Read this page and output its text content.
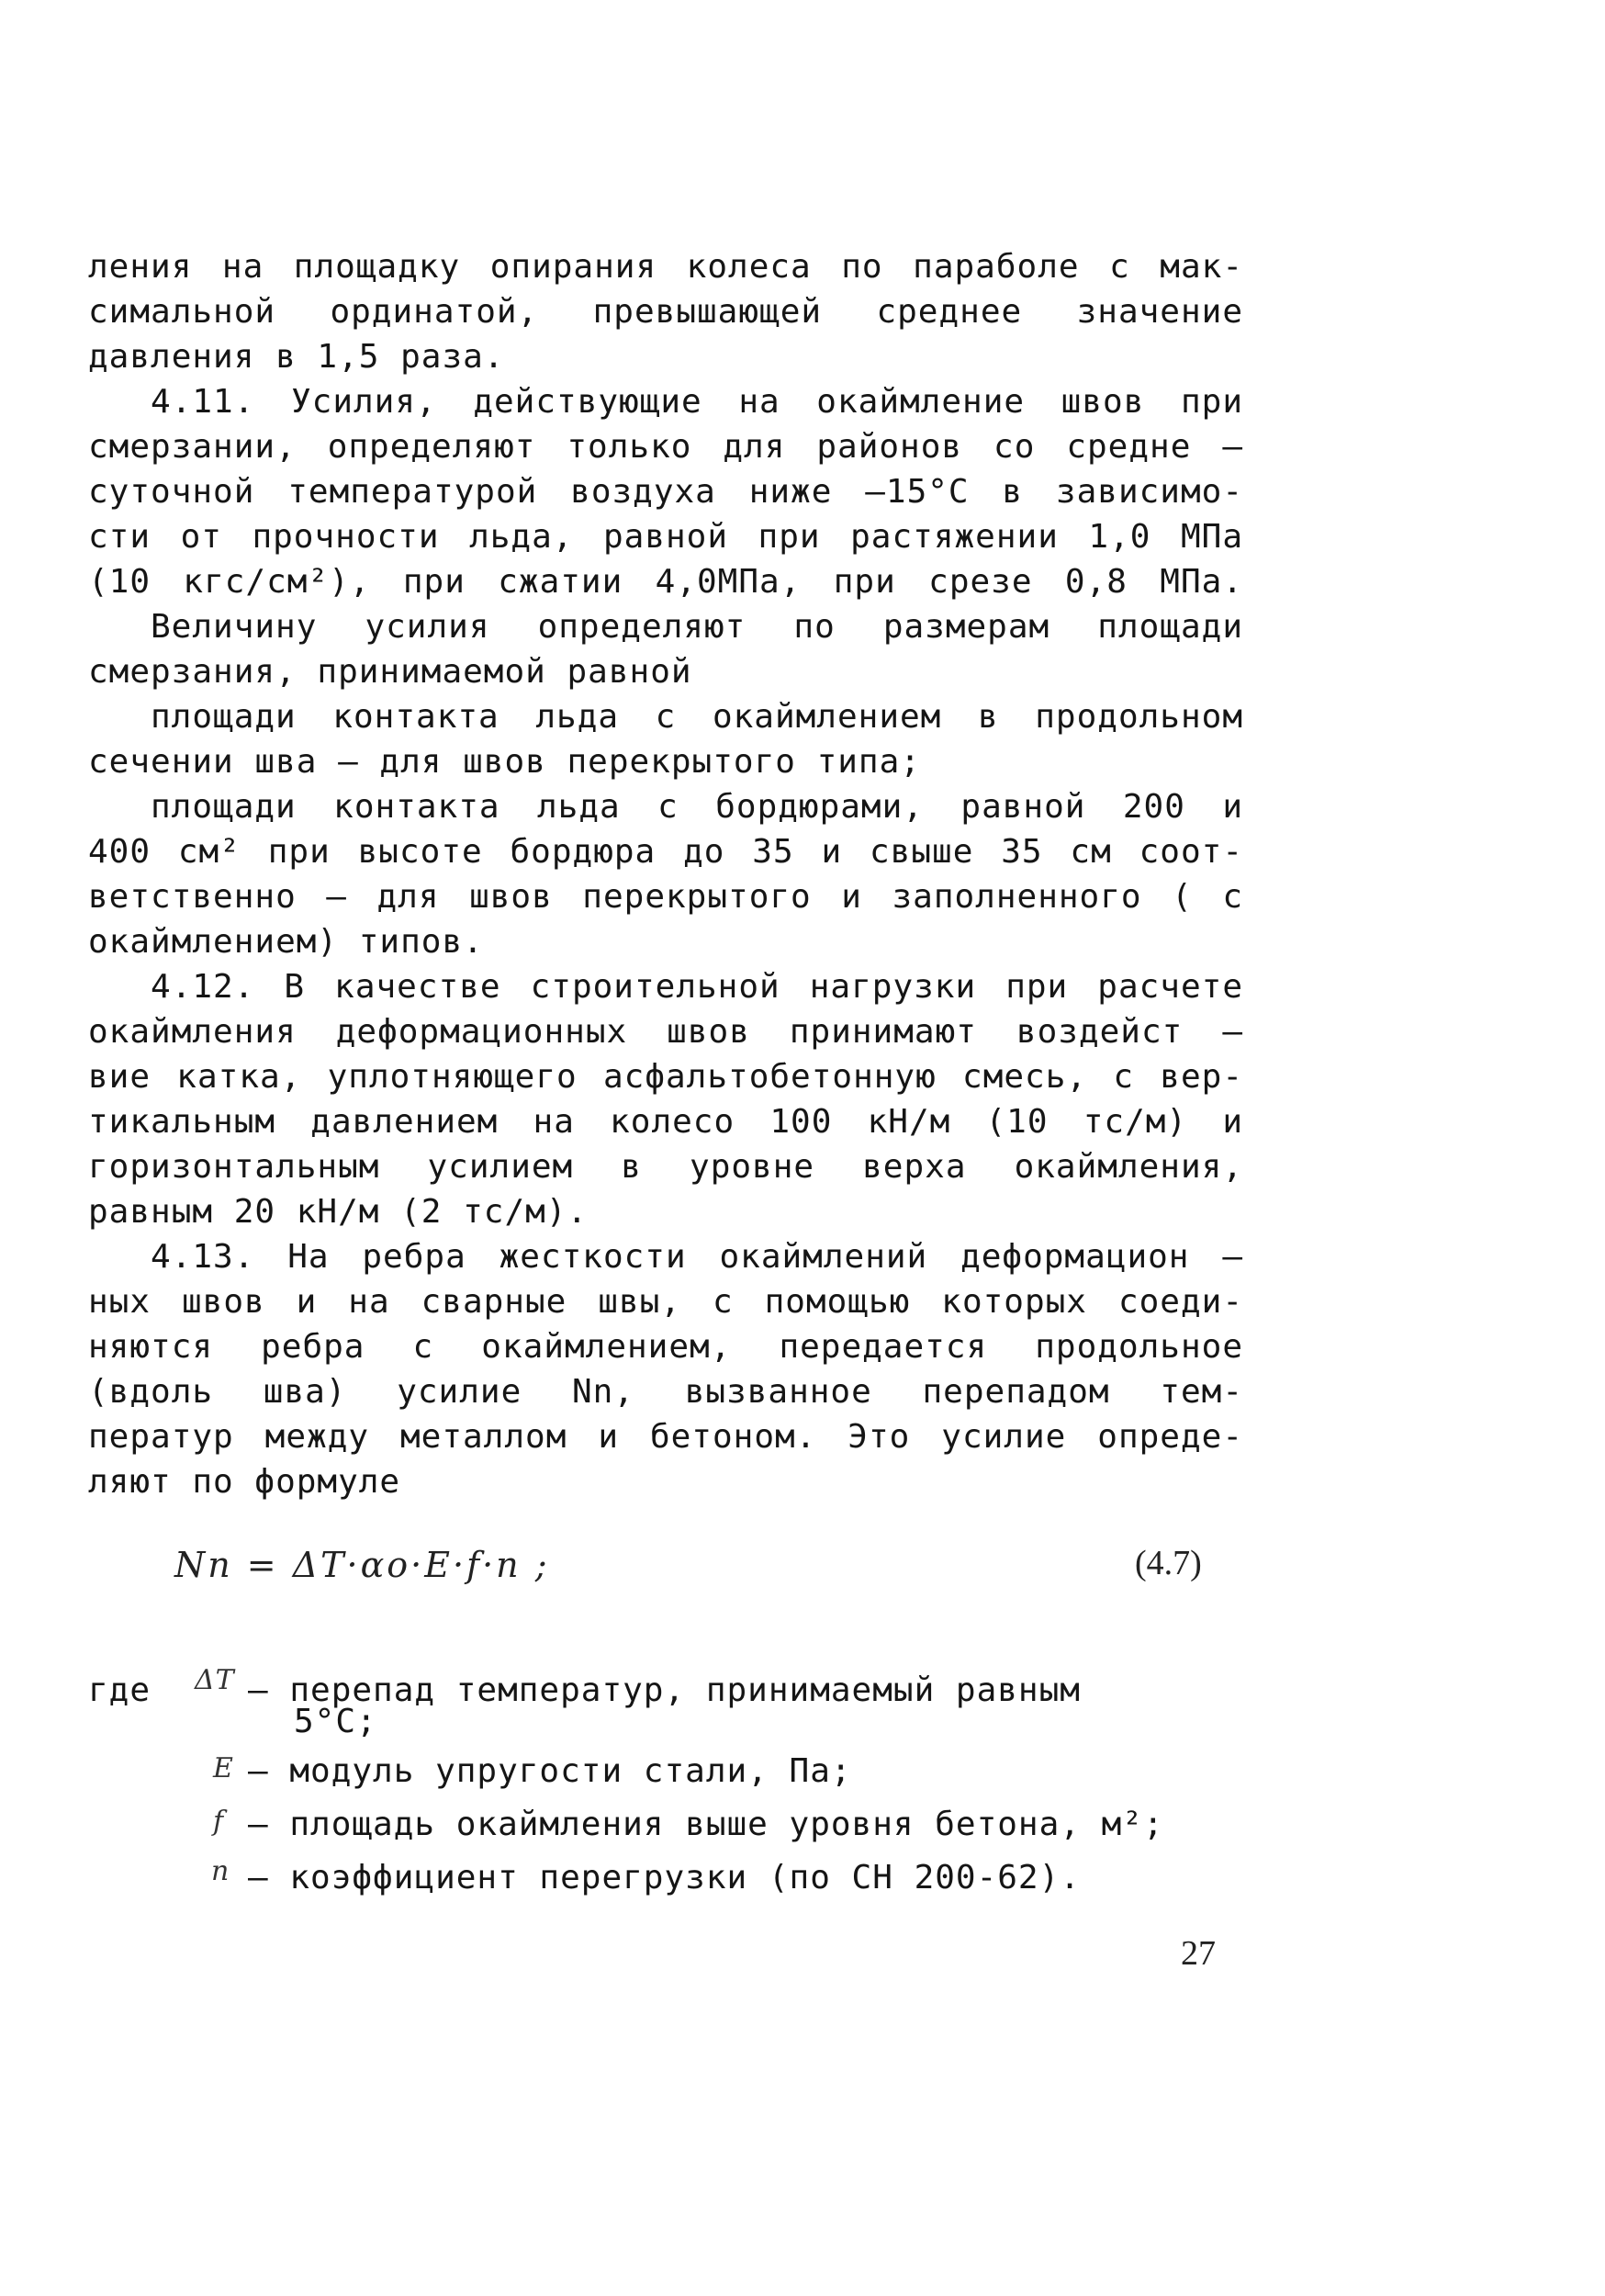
ления на площадку опирания колеса по параболе с мак-
симальной ординатой, превышающей среднее значение
давления в 1,5 раза.
4.11. Усилия, действующие на окаймление швов при
смерзании, определяют только для районов со средне –
суточной температурой воздуха ниже –15°C в зависимо-
сти от прочности льда, равной при растяжении 1,0 МПа
(10 кгс/см²), при сжатии 4,0МПа, при срезе 0,8 МПа.
Величину усилия определяют по размерам площади
смерзания, принимаемой равной
площади контакта льда с окаймлением в продольном
сечении шва – для швов перекрытого типа;
площади контакта льда с бордюрами, равной 200 и
400 см² при высоте бордюра до 35 и свыше 35 см соот-
ветственно – для швов перекрытого и заполненного ( с
окаймлением) типов.
4.12. В качестве строительной нагрузки при расчете
окаймления деформационных швов принимают воздейст –
вие катка, уплотняющего асфальтобетонную смесь, с вер-
тикальным давлением на колесо 100 кН/м (10 тс/м) и
горизонтальным усилием в уровне верха окаймления,
равным 20 кН/м (2 тс/м).
4.13. На ребра жесткости окаймлений деформацион –
ных швов и на сварные швы, с помощью которых соеди-
няются ребра с окаймлением, передается продольное
(вдоль шва) усилие Nn, вызванное перепадом тем-
ператур между металлом и бетоном. Это усилие опреде-
ляют по формуле
Nn = ΔT·αo·E·f·n ;	(4.7)
где ΔT – перепад температур, принимаемый равным
5°C;
E – модуль упругости стали, Па;
f – площадь окаймления выше уровня бетона, м²;
n – коэффициент перегрузки (по СН 200-62).
27
